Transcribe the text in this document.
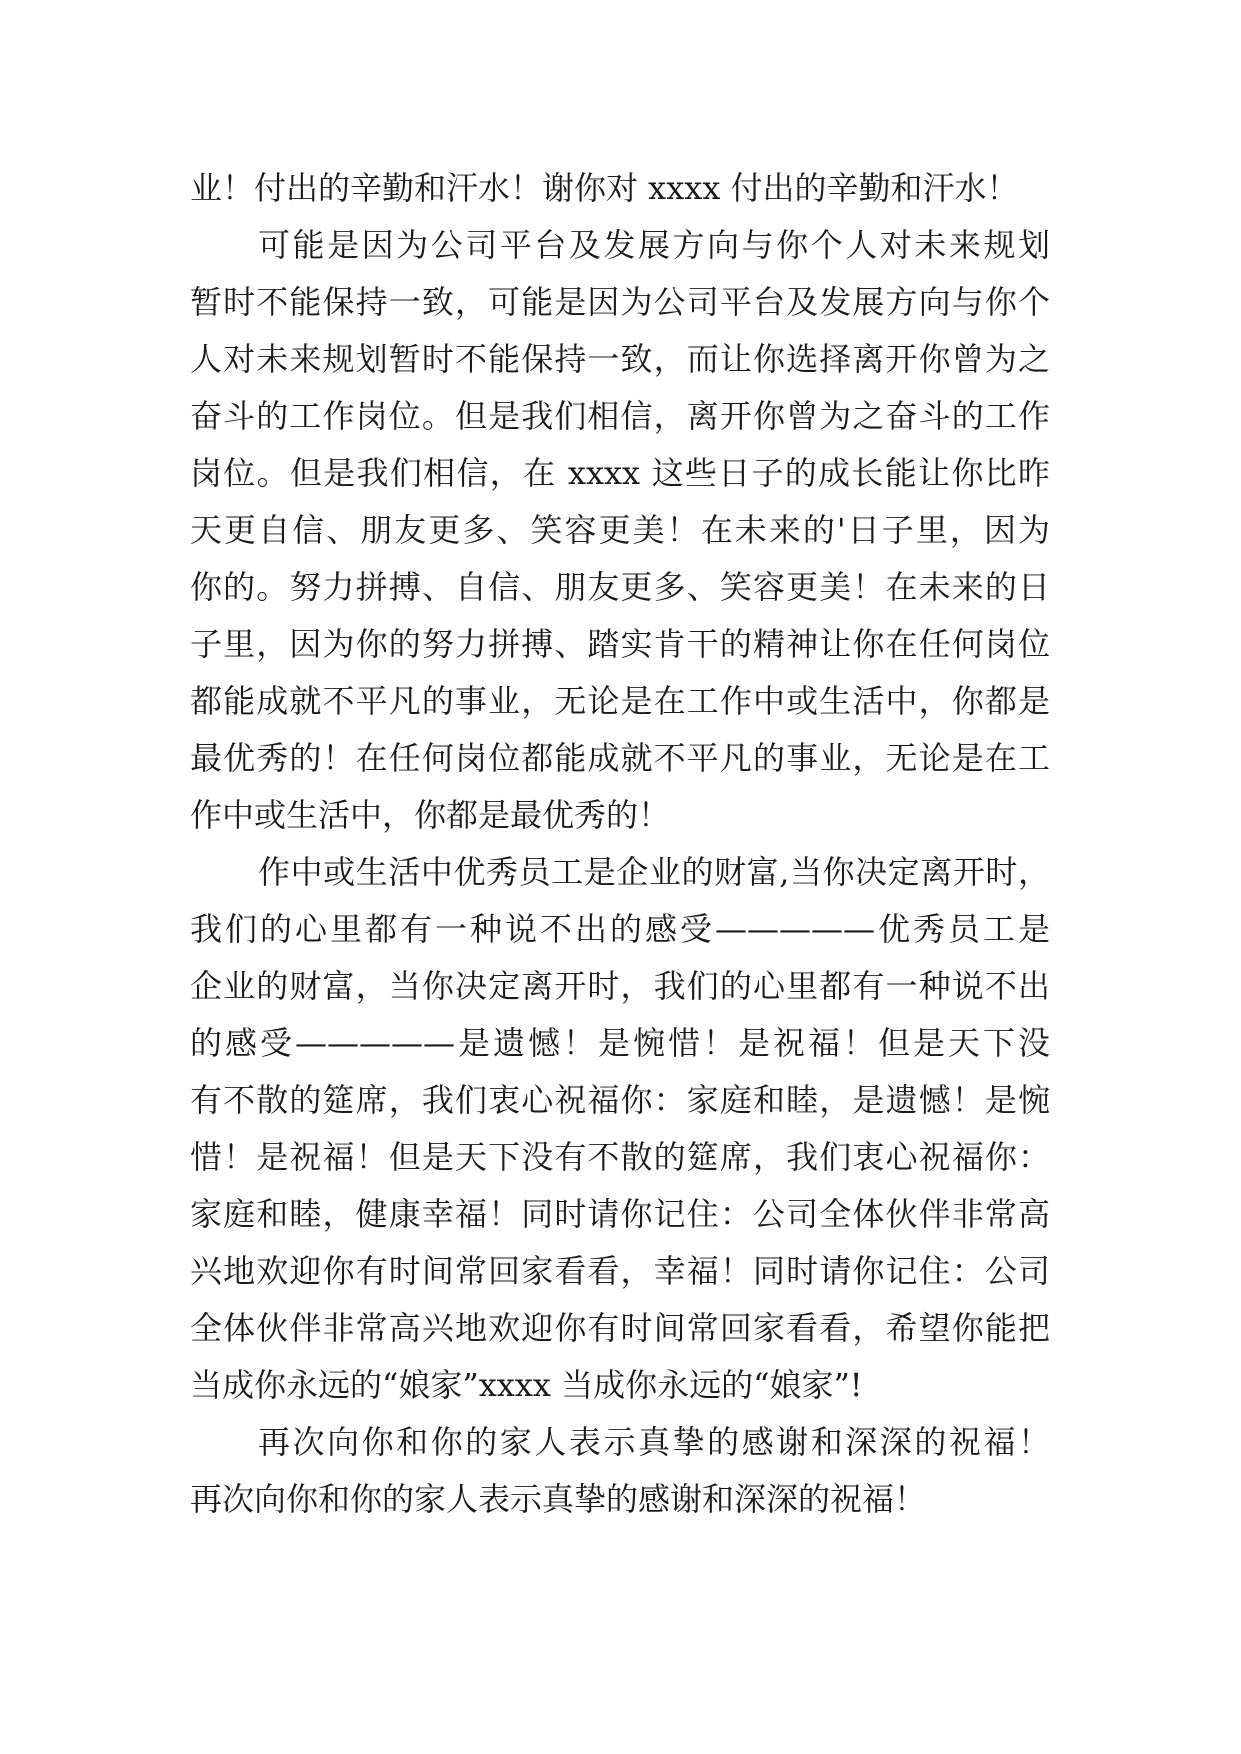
业！付出的辛勤和汗水！谢你对 xxxx 付出的辛勤和汗水！
可能是因为公司平台及发展方向与你个人对未来规划
暂时不能保持一致，可能是因为公司平台及发展方向与你个
人对未来规划暂时不能保持一致，而让你选择离开你曾为之
奋斗的工作岗位。但是我们相信，离开你曾为之奋斗的工作
岗位。但是我们相信，在 xxxx 这些日子的成长能让你比昨
天更自信、朋友更多、笑容更美！在未来的'日子里，因为
你的。努力拼搏、自信、朋友更多、笑容更美！在未来的日
子里，因为你的努力拼搏、踏实肯干的精神让你在任何岗位
都能成就不平凡的事业，无论是在工作中或生活中，你都是
最优秀的！在任何岗位都能成就不平凡的事业，无论是在工
作中或生活中，你都是最优秀的！
作中或生活中优秀员工是企业的财富,当你决定离开时，
我们的心里都有一种说不出的感受—————优秀员工是
企业的财富，当你决定离开时，我们的心里都有一种说不出
的感受—————是遗憾！是惋惜！是祝福！但是天下没
有不散的筵席，我们衷心祝福你：家庭和睦，是遗憾！是惋
惜！是祝福！但是天下没有不散的筵席，我们衷心祝福你：
家庭和睦，健康幸福！同时请你记住：公司全体伙伴非常高
兴地欢迎你有时间常回家看看，幸福！同时请你记住：公司
全体伙伴非常高兴地欢迎你有时间常回家看看，希望你能把
当成你永远的“娘家”xxxx 当成你永远的“娘家”!
再次向你和你的家人表示真挚的感谢和深深的祝福！
再次向你和你的家人表示真挚的感谢和深深的祝福！
